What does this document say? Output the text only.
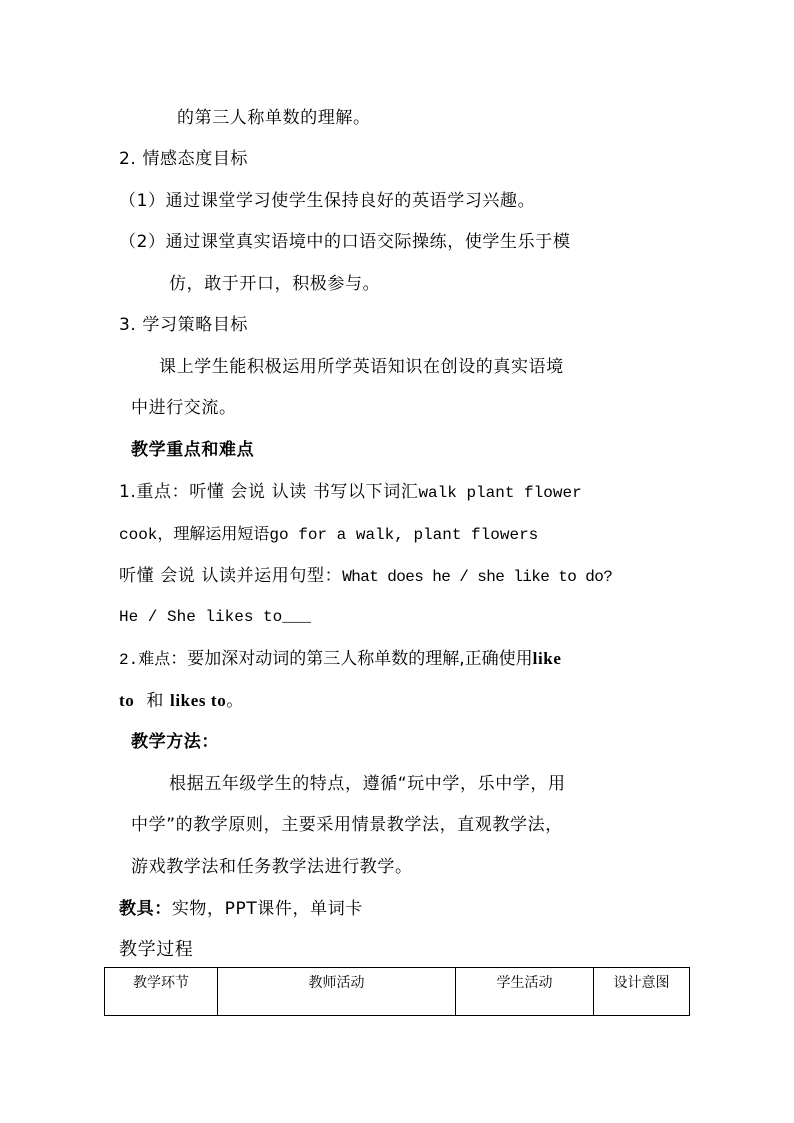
的第三人称单数的理解。
2. 情感态度目标
（1）通过课堂学习使学生保持良好的英语学习兴趣。
（2）通过课堂真实语境中的口语交际操练，使学生乐于模
仿，敢于开口，积极参与。
3. 学习策略目标
课上学生能积极运用所学英语知识在创设的真实语境
中进行交流。
教学重点和难点
1.重点：听懂 会说 认读 书写以下词汇walk plant flower
cook，理解运用短语go for a walk, plant flowers
听懂 会说 认读并运用句型：What does he / she like to do?
He / She likes to___
2.难点：要加深对动词的第三人称单数的理解,正确使用like
to 和 likes to。
教学方法：
根据五年级学生的特点，遵循“玩中学，乐中学，用
中学”的教学原则，主要采用情景教学法，直观教学法，
游戏教学法和任务教学法进行教学。
教具：实物，PPT课件，单词卡
教学过程
教学环节	教师活动	学生活动	设计意图
